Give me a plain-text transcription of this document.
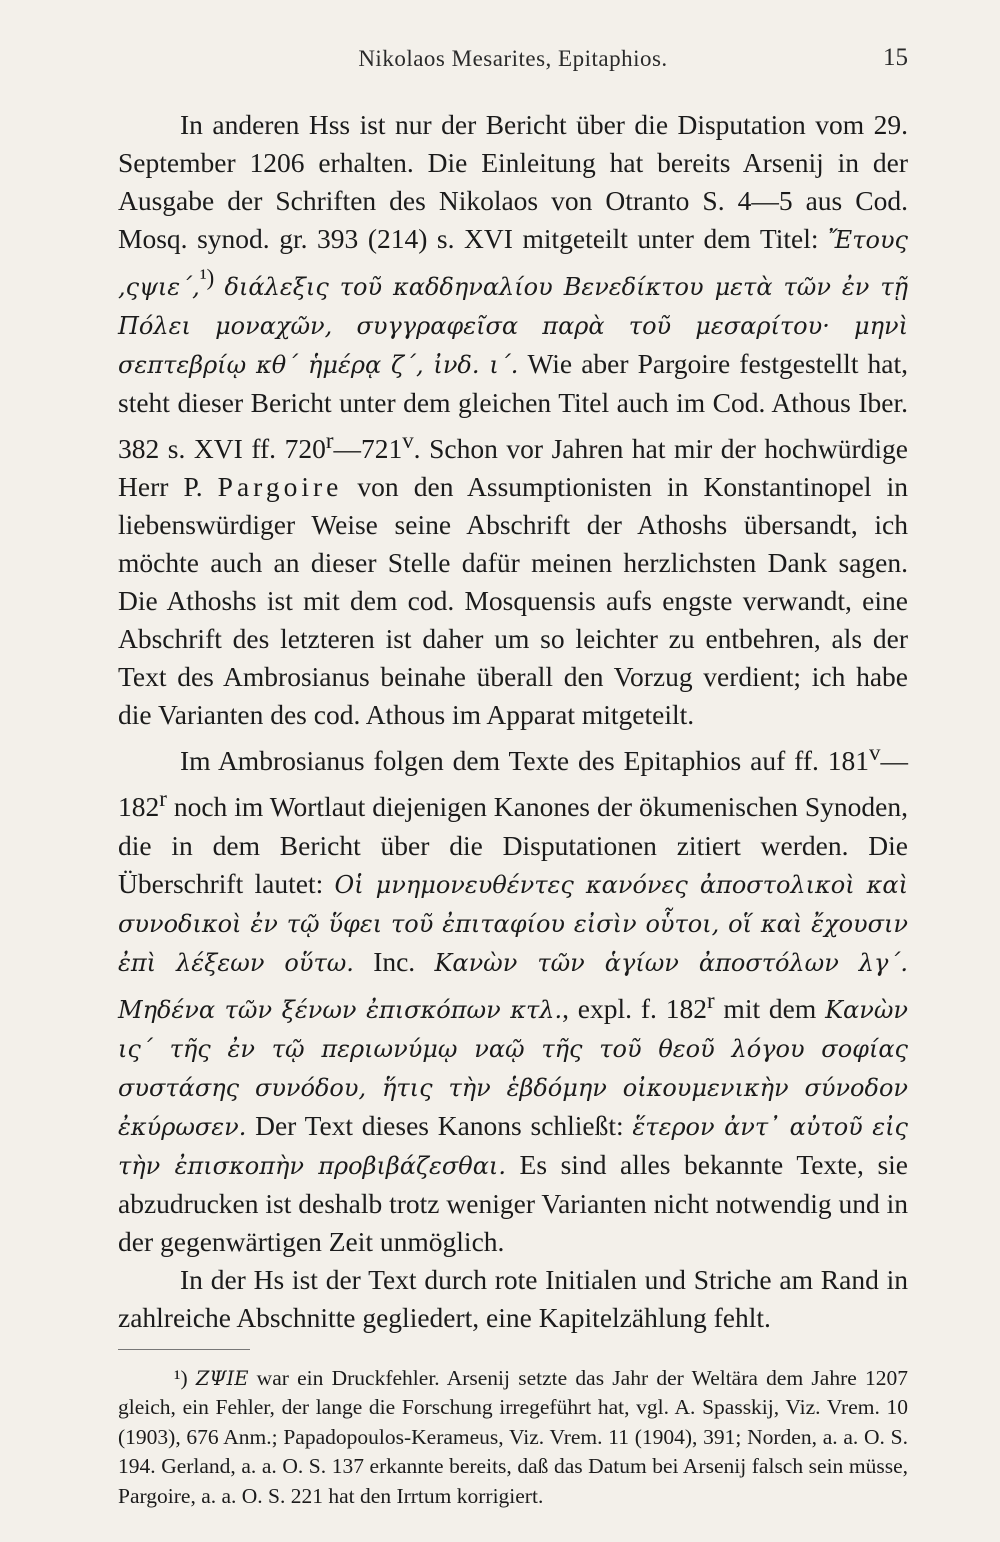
Nikolaos Mesarites, Epitaphios.	15

In anderen Hss ist nur der Bericht über die Disputation vom 29. September 1206 erhalten. Die Einleitung hat bereits Arsenij in der Ausgabe der Schriften des Nikolaos von Otranto S. 4—5 aus Cod. Mosq. synod. gr. 393 (214) s. XVI mitgeteilt unter dem Titel: Ἔτους ,ςψιε΄,$^{^1)}$ διάλεξις τοῦ καδδηναλίου Βενεδίκτου μετὰ τῶν ἐν τῇ Πόλει μοναχῶν, συγγραφεῖσα παρὰ τοῦ μεσαρίτου· μηνὶ σεπτεβρίῳ κθ΄ ἡμέρᾳ ζ΄, ἰνδ. ι΄. Wie aber Pargoire festgestellt hat, steht dieser Bericht unter dem gleichen Titel auch im Cod. Athous Iber. 382 s. XVI ff. 720$^r$—721$^v$. Schon vor Jahren hat mir der hochwürdige Herr P. Pargoire von den Assumptionisten in Konstantinopel in liebenswürdiger Weise seine Abschrift der Athoshs übersandt, ich möchte auch an dieser Stelle dafür meinen herzlichsten Dank sagen. Die Athoshs ist mit dem cod. Mosquensis aufs engste verwandt, eine Abschrift des letzteren ist daher um so leichter zu entbehren, als der Text des Ambrosianus beinahe überall den Vorzug verdient; ich habe die Varianten des cod. Athous im Apparat mitgeteilt.

Im Ambrosianus folgen dem Texte des Epitaphios auf ff. 181$^v$—182$^r$ noch im Wortlaut diejenigen Kanones der ökumenischen Synoden, die in dem Bericht über die Disputationen zitiert werden. Die Überschrift lautet: Οἱ μνημονευθέντες κανόνες ἀποστολικοὶ καὶ συνοδικοὶ ἐν τῷ ὕφει τοῦ ἐπιταφίου εἰσὶν οὗτοι, οἵ καὶ ἔχουσιν ἐπὶ λέξεων οὕτω. Inc. Κανὼν τῶν ἁγίων ἀποστόλων λγ΄. Μηδένα τῶν ξένων ἐπισκόπων κτλ., expl. f. 182$^r$ mit dem Κανὼν ις΄ τῆς ἐν τῷ περιωνύμῳ ναῷ τῆς τοῦ θεοῦ λόγου σοφίας συστάσης συνόδου, ἥτις τὴν ἑβδόμην οἰκουμενικὴν σύνοδον ἐκύρωσεν. Der Text dieses Kanons schließt: ἕτερον ἀντ᾽ αὐτοῦ εἰς τὴν ἐπισκοπὴν προβιβάζεσθαι. Es sind alles bekannte Texte, sie abzudrucken ist deshalb trotz weniger Varianten nicht notwendig und in der gegenwärtigen Zeit unmöglich.

In der Hs ist der Text durch rote Initialen und Striche am Rand in zahlreiche Abschnitte gegliedert, eine Kapitelzählung fehlt.

¹) ΖΨΙΕ war ein Druckfehler. Arsenij setzte das Jahr der Weltära dem Jahre 1207 gleich, ein Fehler, der lange die Forschung irregeführt hat, vgl. A. Spasskij, Viz. Vrem. 10 (1903), 676 Anm.; Papadopoulos-Kerameus, Viz. Vrem. 11 (1904), 391; Norden, a. a. O. S. 194. Gerland, a. a. O. S. 137 erkannte bereits, daß das Datum bei Arsenij falsch sein müsse, Pargoire, a. a. O. S. 221 hat den Irrtum korrigiert.
